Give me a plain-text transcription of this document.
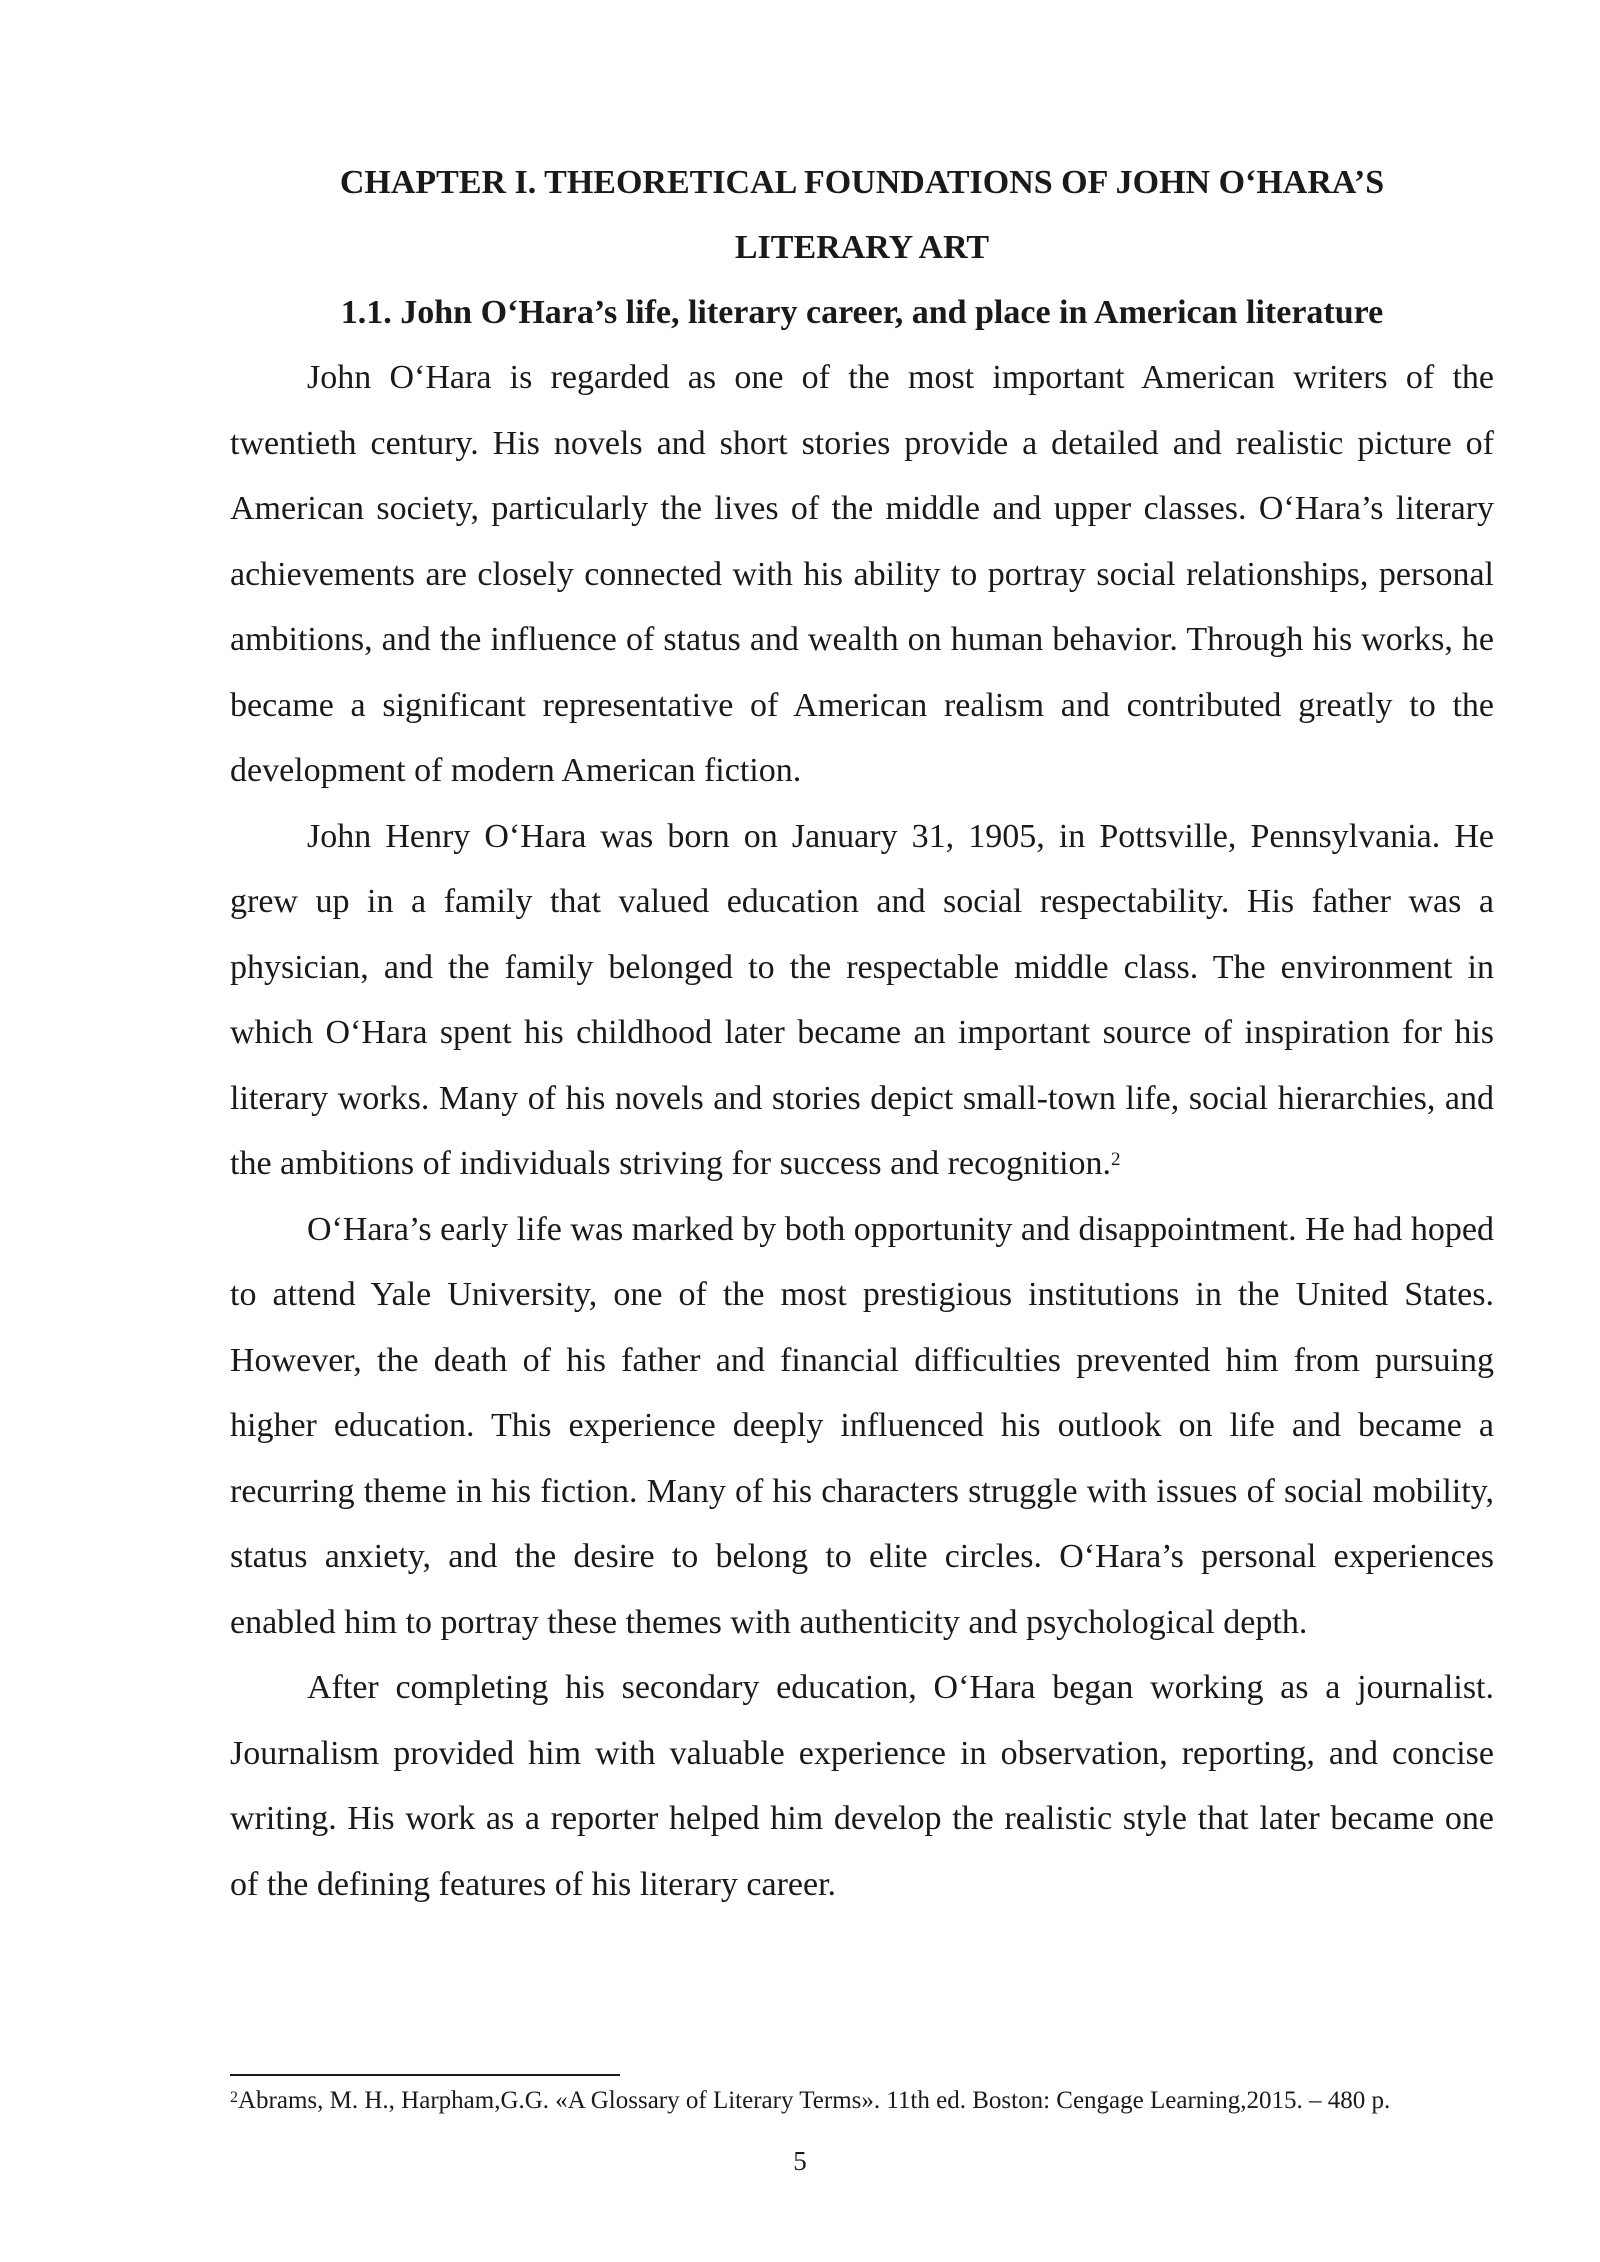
CHAPTER I. THEORETICAL FOUNDATIONS OF JOHN O‘HARA’S
LITERARY ART

1.1. John O‘Hara’s life, literary career, and place in American literature

John O‘Hara is regarded as one of the most important American writers of the twentieth century. His novels and short stories provide a detailed and realistic picture of American society, particularly the lives of the middle and upper classes. O‘Hara’s literary achievements are closely connected with his ability to portray social relationships, personal ambitions, and the influence of status and wealth on human behavior. Through his works, he became a significant representative of American realism and contributed greatly to the development of modern American fiction.

John Henry O‘Hara was born on January 31, 1905, in Pottsville, Pennsylvania. He grew up in a family that valued education and social respectability. His father was a physician, and the family belonged to the respectable middle class. The environment in which O‘Hara spent his childhood later became an important source of inspiration for his literary works. Many of his novels and stories depict small-town life, social hierarchies, and the ambitions of individuals striving for success and recognition.$^2$

O‘Hara’s early life was marked by both opportunity and disappointment. He had hoped to attend Yale University, one of the most prestigious institutions in the United States. However, the death of his father and financial difficulties prevented him from pursuing higher education. This experience deeply influenced his outlook on life and became a recurring theme in his fiction. Many of his characters struggle with issues of social mobility, status anxiety, and the desire to belong to elite circles. O‘Hara’s personal experiences enabled him to portray these themes with authenticity and psychological depth.

After completing his secondary education, O‘Hara began working as a journalist. Journalism provided him with valuable experience in observation, reporting, and concise writing. His work as a reporter helped him develop the realistic style that later became one of the defining features of his literary career.

$^2$Abrams, M. H., Harpham,G.G. «A Glossary of Literary Terms». 11th ed. Boston: Cengage Learning,2015. – 480 p.

5
